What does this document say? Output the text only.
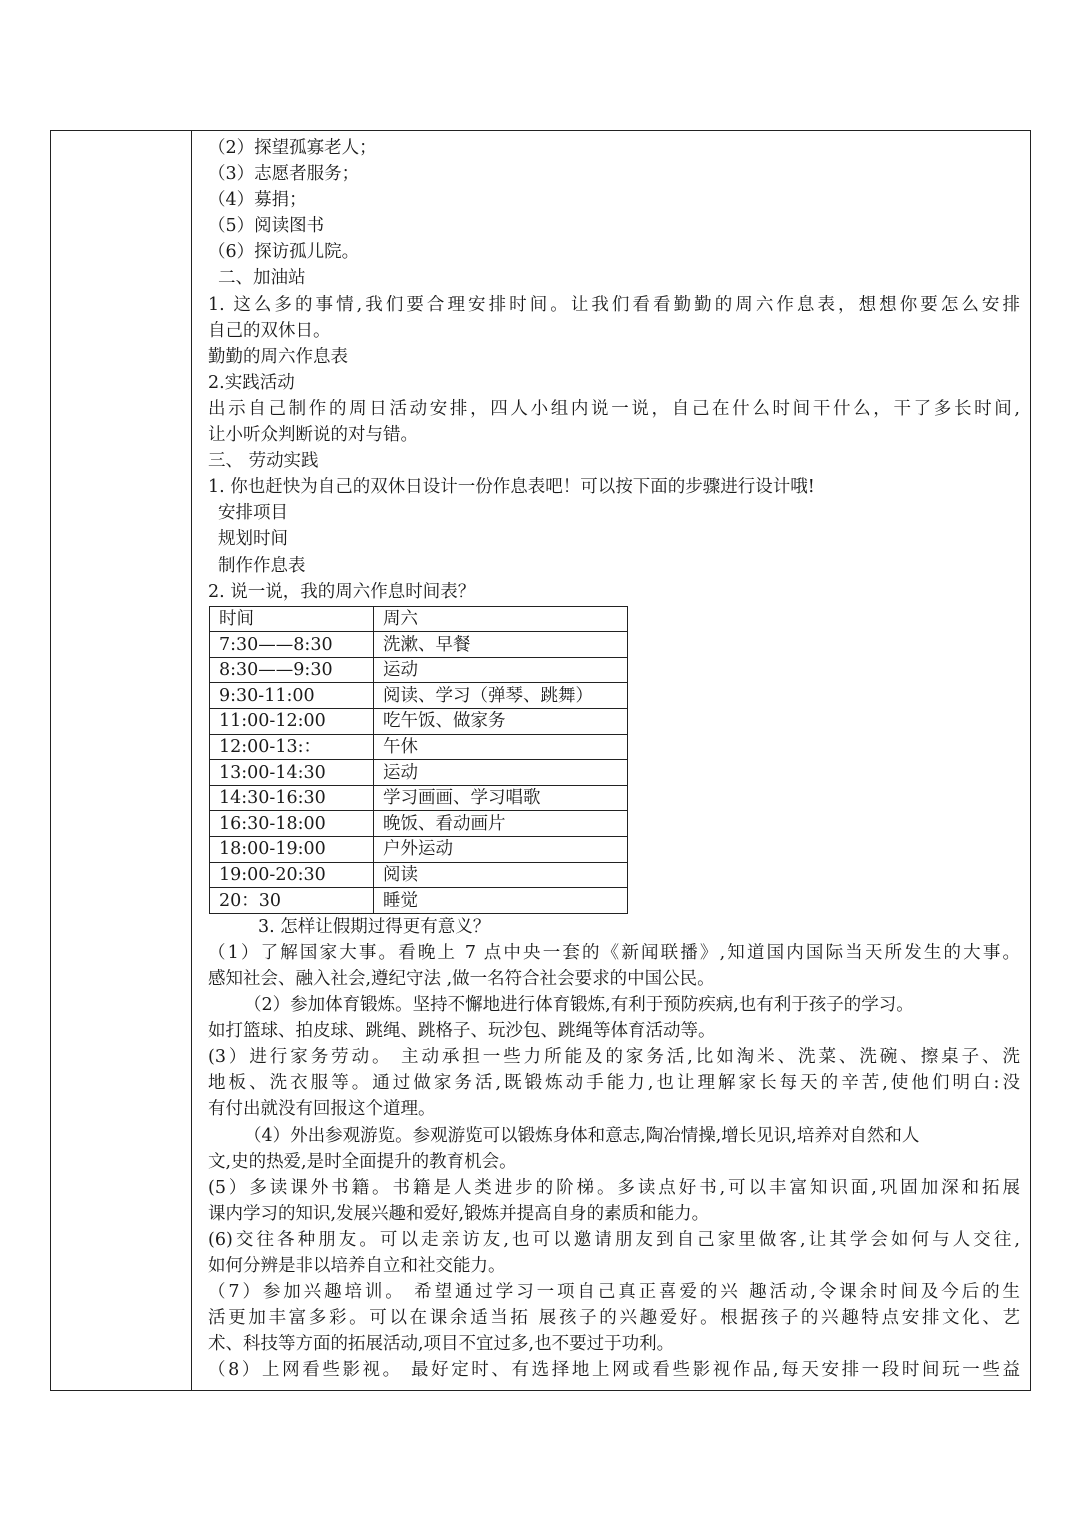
（2）探望孤寡老人；
（3）志愿者服务；
（4）募捐；
（5）阅读图书
（6）探访孤儿院。
二、加油站
1. 这么多的事情,我们要合理安排时间。让我们看看勤勤的周六作息表，想想你要怎么安排
自己的双休日。
勤勤的周六作息表
2.实践活动
出示自己制作的周日活动安排，四人小组内说一说，自己在什么时间干什么，干了多长时间,
让小听众判断说的对与错。
三、 劳动实践
1. 你也赶快为自己的双休日设计一份作息表吧！可以按下面的步骤进行设计哦!
安排项目
规划时间
制作作息表
2. 说一说，我的周六作息时间表？
时间	周六
7:30——8:30	洗漱、早餐
8:30——9:30	运动
9:30-11:00	阅读、学习（弹琴、跳舞）
11:00-12:00	吃午饭、做家务
12:00-13:：	午休
13:00-14:30	运动
14:30-16:30	学习画画、学习唱歌
16:30-18:00	晚饭、看动画片
18:00-19:00	户外运动
19:00-20:30	阅读
20：30	睡觉
3. 怎样让假期过得更有意义？
（1）了解国家大事。看晚上 7 点中央一套的《新闻联播》,知道国内国际当天所发生的大事。
感知社会、融入社会,遵纪守法 ,做一名符合社会要求的中国公民。
（2）参加体育锻炼。坚持不懈地进行体育锻炼,有利于预防疾病,也有利于孩子的学习。
如打篮球、拍皮球、跳绳、跳格子、玩沙包、跳绳等体育活动等。
(3）进行家务劳动。 主动承担一些力所能及的家务活,比如淘米、洗菜、洗碗、擦桌子、洗
地板、洗衣服等。通过做家务活,既锻炼动手能力,也让理解家长每天的辛苦,使他们明白:没
有付出就没有回报这个道理。
（4）外出参观游览。参观游览可以锻炼身体和意志,陶冶情操,增长见识,培养对自然和人
文,史的热爱,是时全面提升的教育机会。
(5）多读课外书籍。书籍是人类进步的阶梯。多读点好书,可以丰富知识面,巩固加深和拓展
课内学习的知识,发展兴趣和爱好,锻炼并提高自身的素质和能力。
(6)交往各种朋友。可以走亲访友,也可以邀请朋友到自己家里做客,让其学会如何与人交往,
如何分辨是非以培养自立和社交能力。
（7）参加兴趣培训。 希望通过学习一项自己真正喜爱的兴 趣活动,令课余时间及今后的生
活更加丰富多彩。可以在课余适当拓 展孩子的兴趣爱好。根据孩子的兴趣特点安排文化、艺
术、科技等方面的拓展活动,项目不宜过多,也不要过于功利。
（8）上网看些影视。 最好定时、有选择地上网或看些影视作品,每天安排一段时间玩一些益
